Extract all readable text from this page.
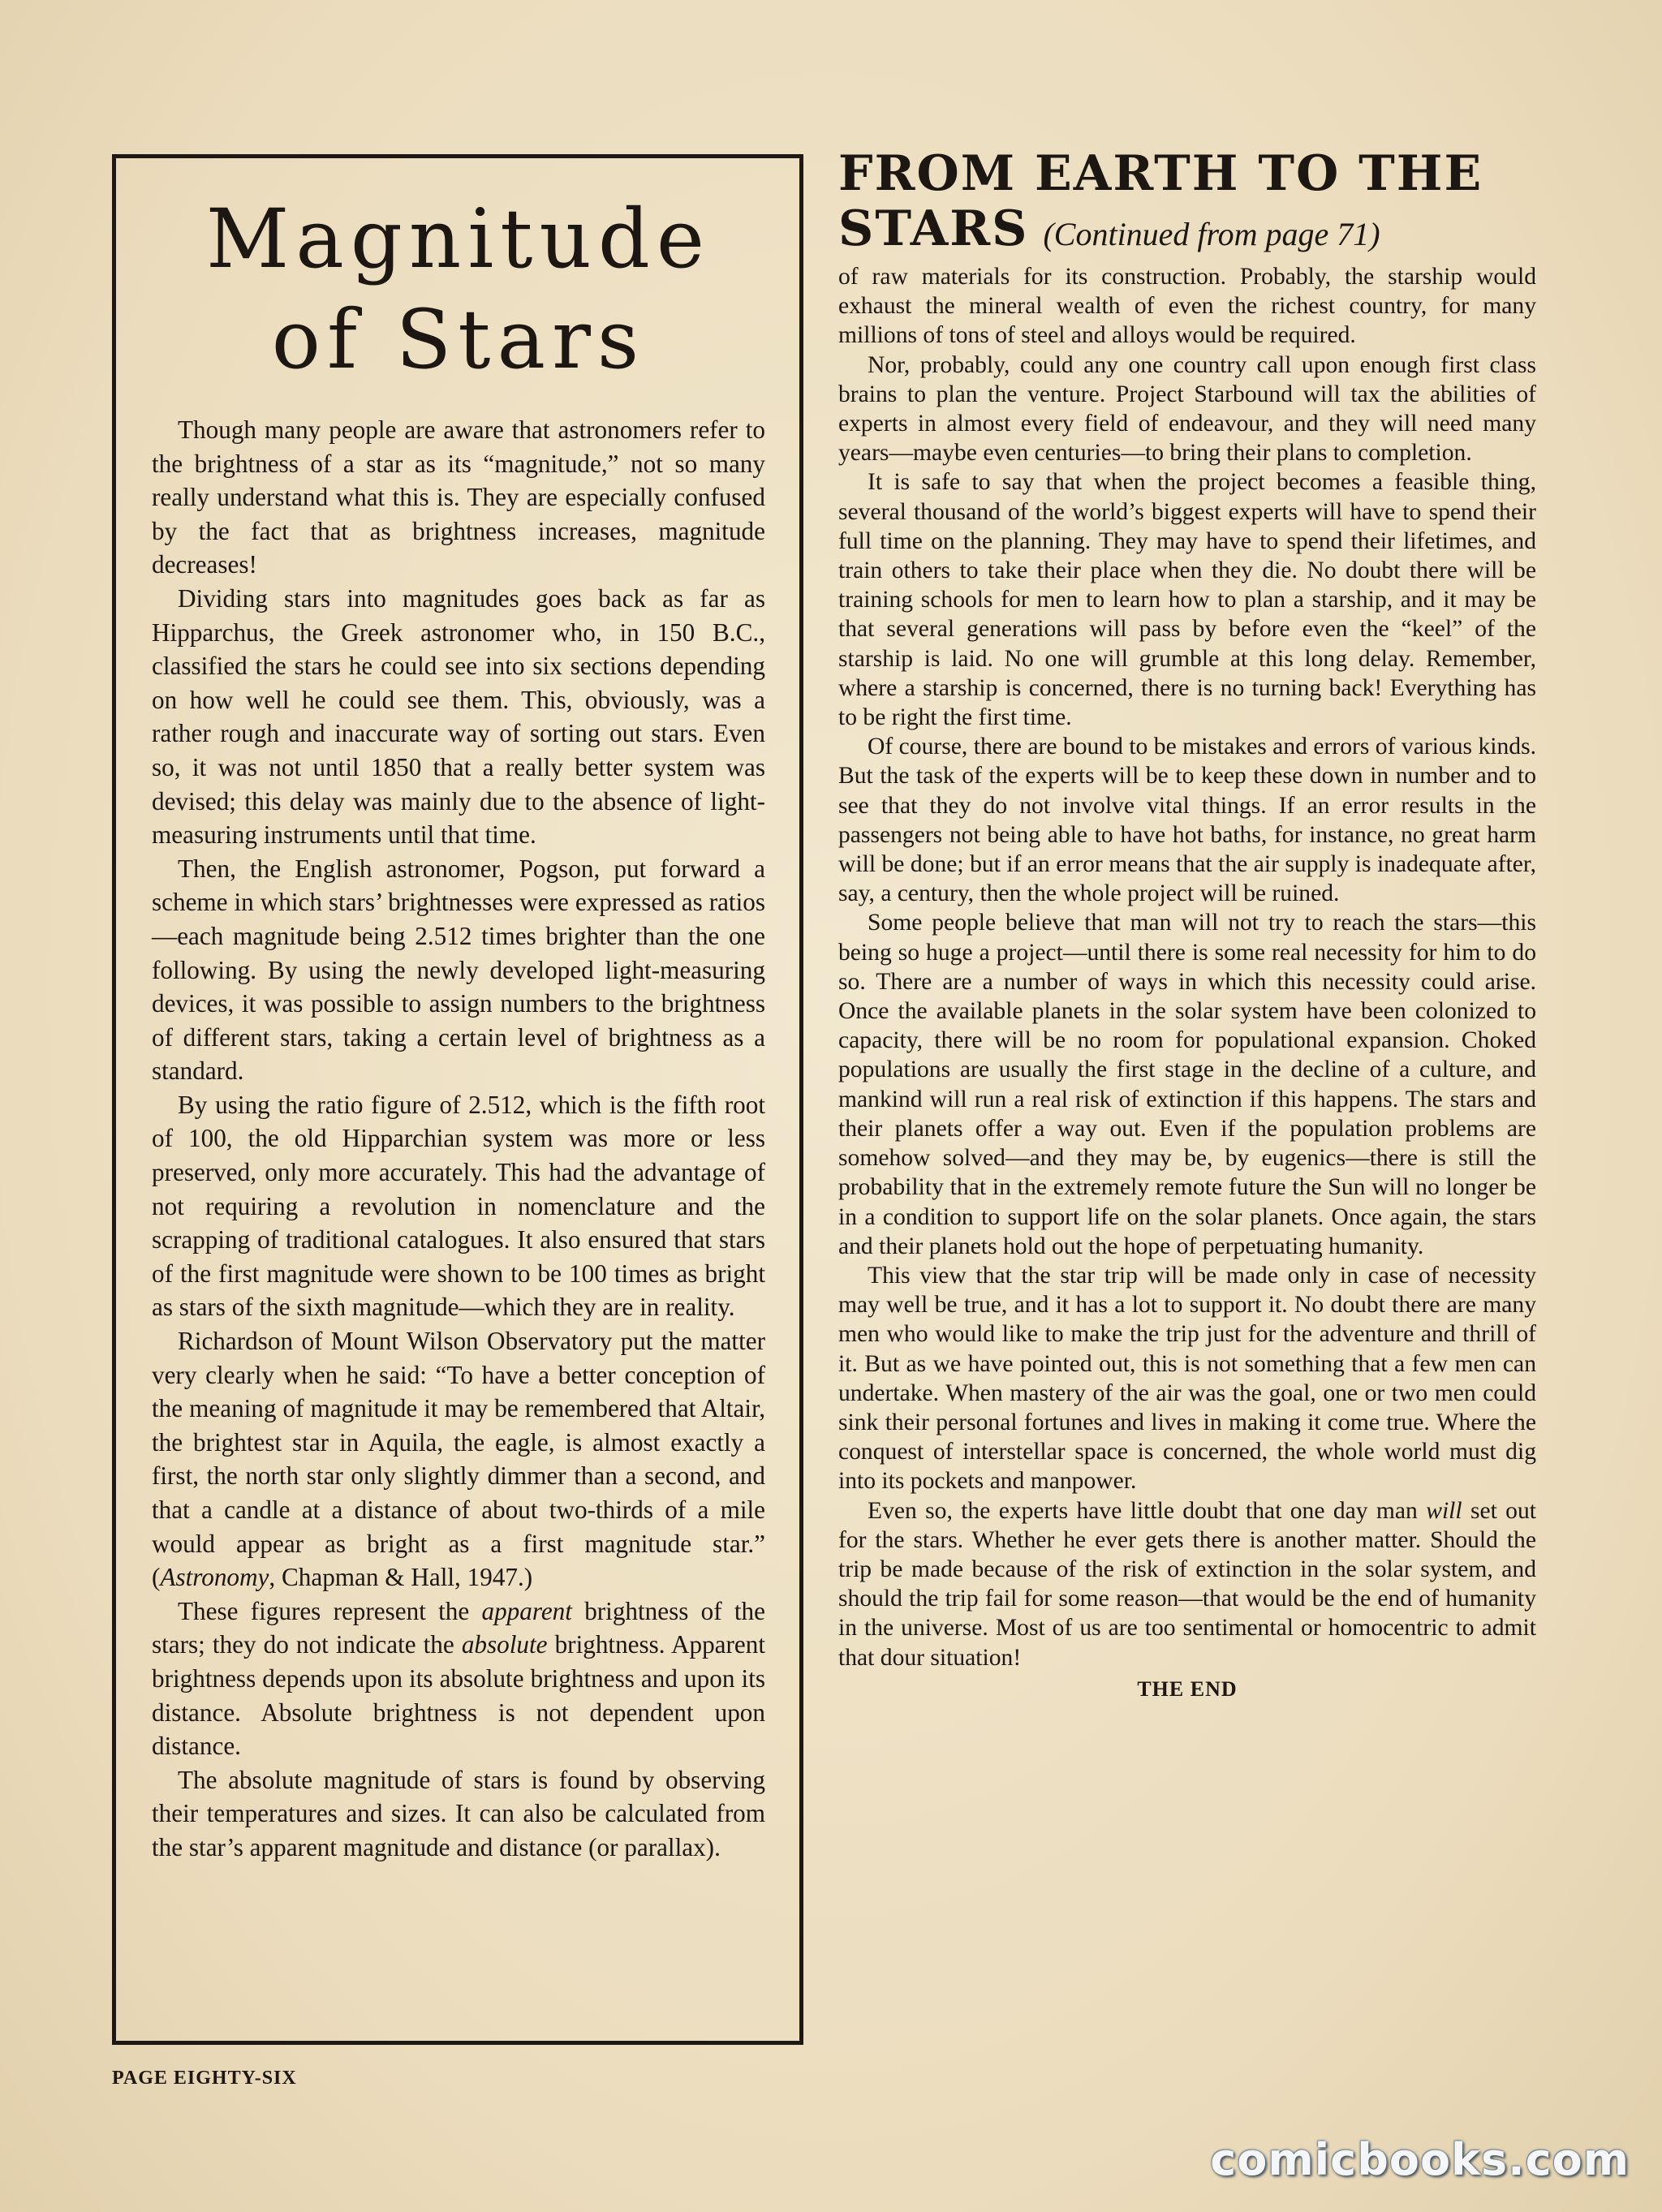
Magnitude
of Stars

Though many people are aware that astronomers refer to the brightness of a star as its “magnitude,” not so many really understand what this is. They are especially confused by the fact that as brightness increases, magnitude decreases!

Dividing stars into magnitudes goes back as far as Hipparchus, the Greek astronomer who, in 150 B.C., classified the stars he could see into six sections depending on how well he could see them. This, obviously, was a rather rough and inaccurate way of sorting out stars. Even so, it was not until 1850 that a really better system was devised; this delay was mainly due to the absence of light-measuring instruments until that time.

Then, the English astronomer, Pogson, put forward a scheme in which stars’ brightnesses were expressed as ratios—each magnitude being 2.512 times brighter than the one following. By using the newly developed light-measuring devices, it was possible to assign numbers to the brightness of different stars, taking a certain level of brightness as a standard.

By using the ratio figure of 2.512, which is the fifth root of 100, the old Hipparchian system was more or less preserved, only more accurately. This had the advantage of not requiring a revolution in nomenclature and the scrapping of traditional catalogues. It also ensured that stars of the first magnitude were shown to be 100 times as bright as stars of the sixth magnitude—which they are in reality.

Richardson of Mount Wilson Observatory put the matter very clearly when he said: “To have a better conception of the meaning of magnitude it may be remembered that Altair, the brightest star in Aquila, the eagle, is almost exactly a first, the north star only slightly dimmer than a second, and that a candle at a distance of about two-thirds of a mile would appear as bright as a first magnitude star.” (Astronomy, Chapman & Hall, 1947.)

These figures represent the apparent brightness of the stars; they do not indicate the absolute brightness. Apparent brightness depends upon its absolute brightness and upon its distance. Absolute brightness is not dependent upon distance.

The absolute magnitude of stars is found by observing their temperatures and sizes. It can also be calculated from the star’s apparent magnitude and distance (or parallax).

FROM EARTH TO THE
STARS (Continued from page 71)

of raw materials for its construction. Probably, the starship would exhaust the mineral wealth of even the richest country, for many millions of tons of steel and alloys would be required.

Nor, probably, could any one country call upon enough first class brains to plan the venture. Project Starbound will tax the abilities of experts in almost every field of endeavour, and they will need many years—maybe even centuries—to bring their plans to completion.

It is safe to say that when the project becomes a feasible thing, several thousand of the world’s biggest experts will have to spend their full time on the planning. They may have to spend their lifetimes, and train others to take their place when they die. No doubt there will be training schools for men to learn how to plan a starship, and it may be that several generations will pass by before even the “keel” of the starship is laid. No one will grumble at this long delay. Remember, where a starship is concerned, there is no turning back! Everything has to be right the first time.

Of course, there are bound to be mistakes and errors of various kinds. But the task of the experts will be to keep these down in number and to see that they do not involve vital things. If an error results in the passengers not being able to have hot baths, for instance, no great harm will be done; but if an error means that the air supply is inadequate after, say, a century, then the whole project will be ruined.

Some people believe that man will not try to reach the stars—this being so huge a project—until there is some real necessity for him to do so. There are a number of ways in which this necessity could arise. Once the available planets in the solar system have been colonized to capacity, there will be no room for populational expansion. Choked populations are usually the first stage in the decline of a culture, and mankind will run a real risk of extinction if this happens. The stars and their planets offer a way out. Even if the population problems are somehow solved—and they may be, by eugenics—there is still the probability that in the extremely remote future the Sun will no longer be in a condition to support life on the solar planets. Once again, the stars and their planets hold out the hope of perpetuating humanity.

This view that the star trip will be made only in case of necessity may well be true, and it has a lot to support it. No doubt there are many men who would like to make the trip just for the adventure and thrill of it. But as we have pointed out, this is not something that a few men can undertake. When mastery of the air was the goal, one or two men could sink their personal fortunes and lives in making it come true. Where the conquest of interstellar space is concerned, the whole world must dig into its pockets and manpower.

Even so, the experts have little doubt that one day man will set out for the stars. Whether he ever gets there is another matter. Should the trip be made because of the risk of extinction in the solar system, and should the trip fail for some reason—that would be the end of humanity in the universe. Most of us are too sentimental or homocentric to admit that dour situation!

THE END
PAGE EIGHTY-SIX
comicbooks.com
